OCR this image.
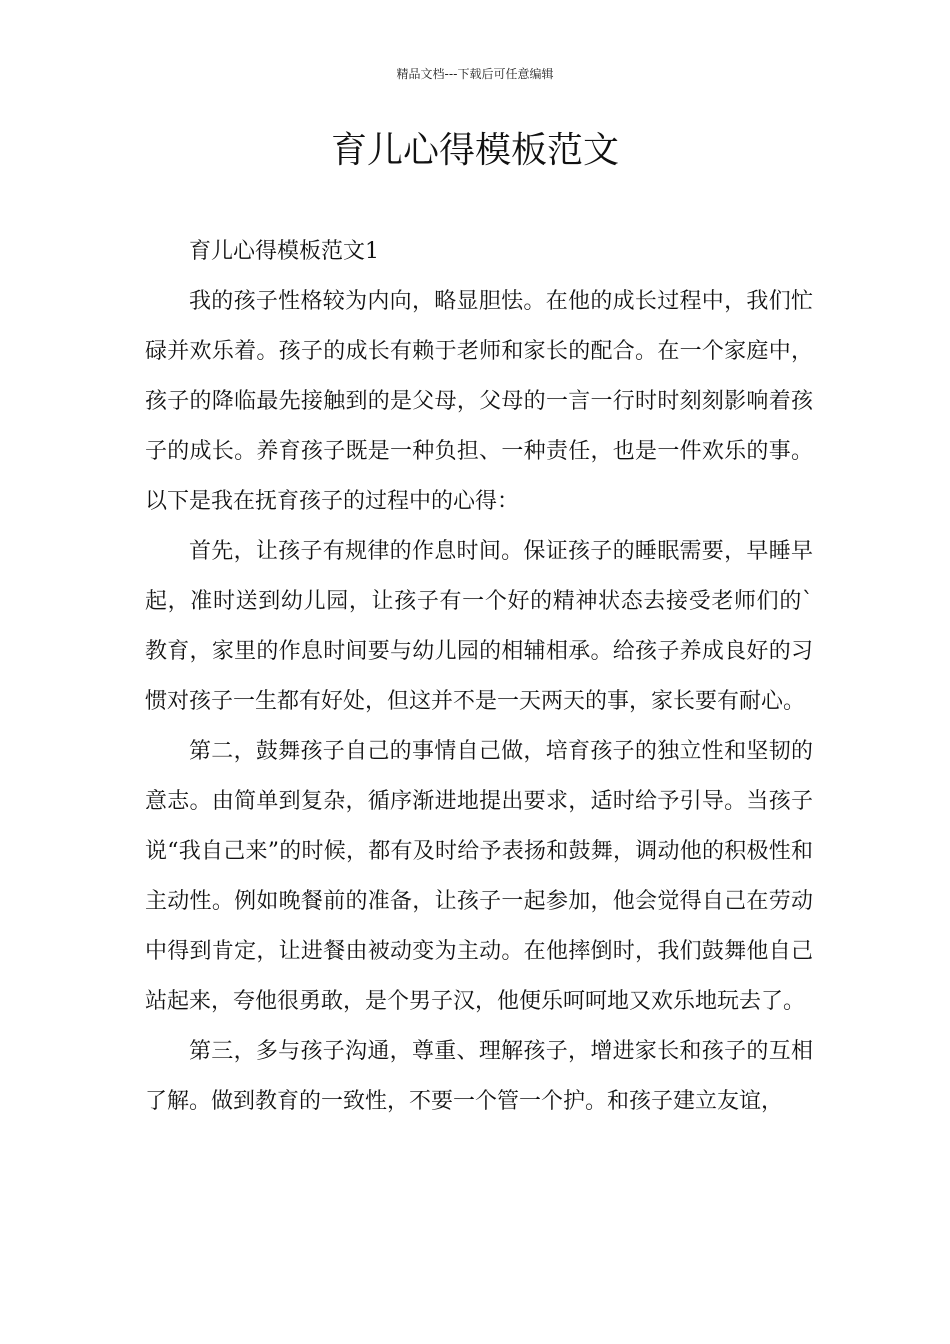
精品文档---下载后可任意编辑
育儿心得模板范文

育儿心得模板范文1

我的孩子性格较为内向，略显胆怯。在他的成长过程中，我们忙碌并欢乐着。孩子的成长有赖于老师和家长的配合。在一个家庭中，孩子的降临最先接触到的是父母，父母的一言一行时时刻刻影响着孩子的成长。养育孩子既是一种负担、一种责任，也是一件欢乐的事。以下是我在抚育孩子的过程中的心得：

首先，让孩子有规律的作息时间。保证孩子的睡眠需要，早睡早起，准时送到幼儿园，让孩子有一个好的精神状态去接受老师们的`教育，家里的作息时间要与幼儿园的相辅相承。给孩子养成良好的习惯对孩子一生都有好处，但这并不是一天两天的事，家长要有耐心。

第二，鼓舞孩子自己的事情自己做，培育孩子的独立性和坚韧的意志。由简单到复杂，循序渐进地提出要求，适时给予引导。当孩子说“我自己来”的时候，都有及时给予表扬和鼓舞，调动他的积极性和主动性。例如晚餐前的准备，让孩子一起参加，他会觉得自己在劳动中得到肯定，让进餐由被动变为主动。在他摔倒时，我们鼓舞他自己站起来，夸他很勇敢，是个男子汉，他便乐呵呵地又欢乐地玩去了。

第三，多与孩子沟通，尊重、理解孩子，增进家长和孩子的互相了解。做到教育的一致性，不要一个管一个护。和孩子建立友谊，
